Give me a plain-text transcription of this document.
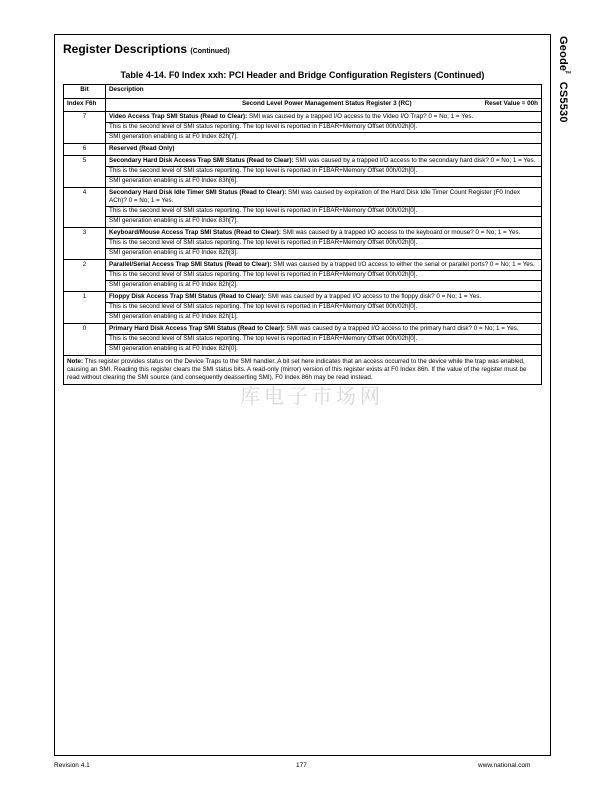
Geode™ CS5530
Register Descriptions (Continued)
Table 4-14. F0 Index xxh: PCI Header and Bridge Configuration Registers (Continued)
Bit	Description
Index F6h	Second Level Power Management Status Register 3 (RC) Reset Value = 00h

7	Video Access Trap SMI Status (Read to Clear): SMI was caused by a trapped I/O access to the Video I/O Trap? 0 = No; 1 = Yes.
This is the second level of SMI status reporting. The top level is reported in F1BAR+Memory Offset 00h/02h[0].
SMI generation enabling is at F0 Index 82h[7].

6	Reserved (Read Only)

5	Secondary Hard Disk Access Trap SMI Status (Read to Clear): SMI was caused by a trapped I/O access to the secondary hard disk? 0 = No; 1 = Yes.
This is the second level of SMI status reporting. The top level is reported in F1BAR+Memory Offset 00h/02h[0].
SMI generation enabling is at F0 Index 83h[6].

4	Secondary Hard Disk Idle Timer SMI Status (Read to Clear): SMI was caused by expiration of the Hard Disk Idle Timer Count Register (F0 Index ACh)? 0 = No; 1 = Yes.
This is the second level of SMI status reporting. The top level is reported in F1BAR+Memory Offset 00h/02h[0].
SMI generation enabling is at F0 Index 83h[7].

3	Keyboard/Mouse Access Trap SMI Status (Read to Clear): SMI was caused by a trapped I/O access to the keyboard or mouse? 0 = No; 1 = Yes.
This is the second level of SMI status reporting. The top level is reported in F1BAR+Memory Offset 00h/02h[0].
SMI generation enabling is at F0 Index 82h[3].

2	Parallel/Serial Access Trap SMI Status (Read to Clear): SMI was caused by a trapped I/O access to either the serial or parallel ports? 0 = No; 1 = Yes.
This is the second level of SMI status reporting. The top level is reported in F1BAR+Memory Offset 00h/02h[0].
SMI generation enabling is at F0 Index 82h[2].

1	Floppy Disk Access Trap SMI Status (Read to Clear): SMI was caused by a trapped I/O access to the floppy disk? 0 = No; 1 = Yes.
This is the second level of SMI status reporting. The top level is reported in F1BAR+Memory Offset 00h/02h[0].
SMI generation enabling is at F0 Index 82h[1].

0	Primary Hard Disk Access Trap SMI Status (Read to Clear): SMI was caused by a trapped I/O access to the primary hard disk? 0 = No; 1 = Yes.
This is the second level of SMI status reporting. The top level is reported in F1BAR+Memory Offset 00h/02h[0].
SMI generation enabling is at F0 Index 82h[0].

Note: This register provides status on the Device Traps to the SMI handler. A bit set here indicates that an access occurred to the device while the trap was enabled, causing an SMI. Reading this register clears the SMI status bits. A read-only (mirror) version of this register exists at F0 Index 86h. If the value of the register must be read without clearing the SMI source (and consequently deasserting SMI), F0 Index 86h may be read instead.	
库电子市场网
Revision 4.1	177	www.national.com
